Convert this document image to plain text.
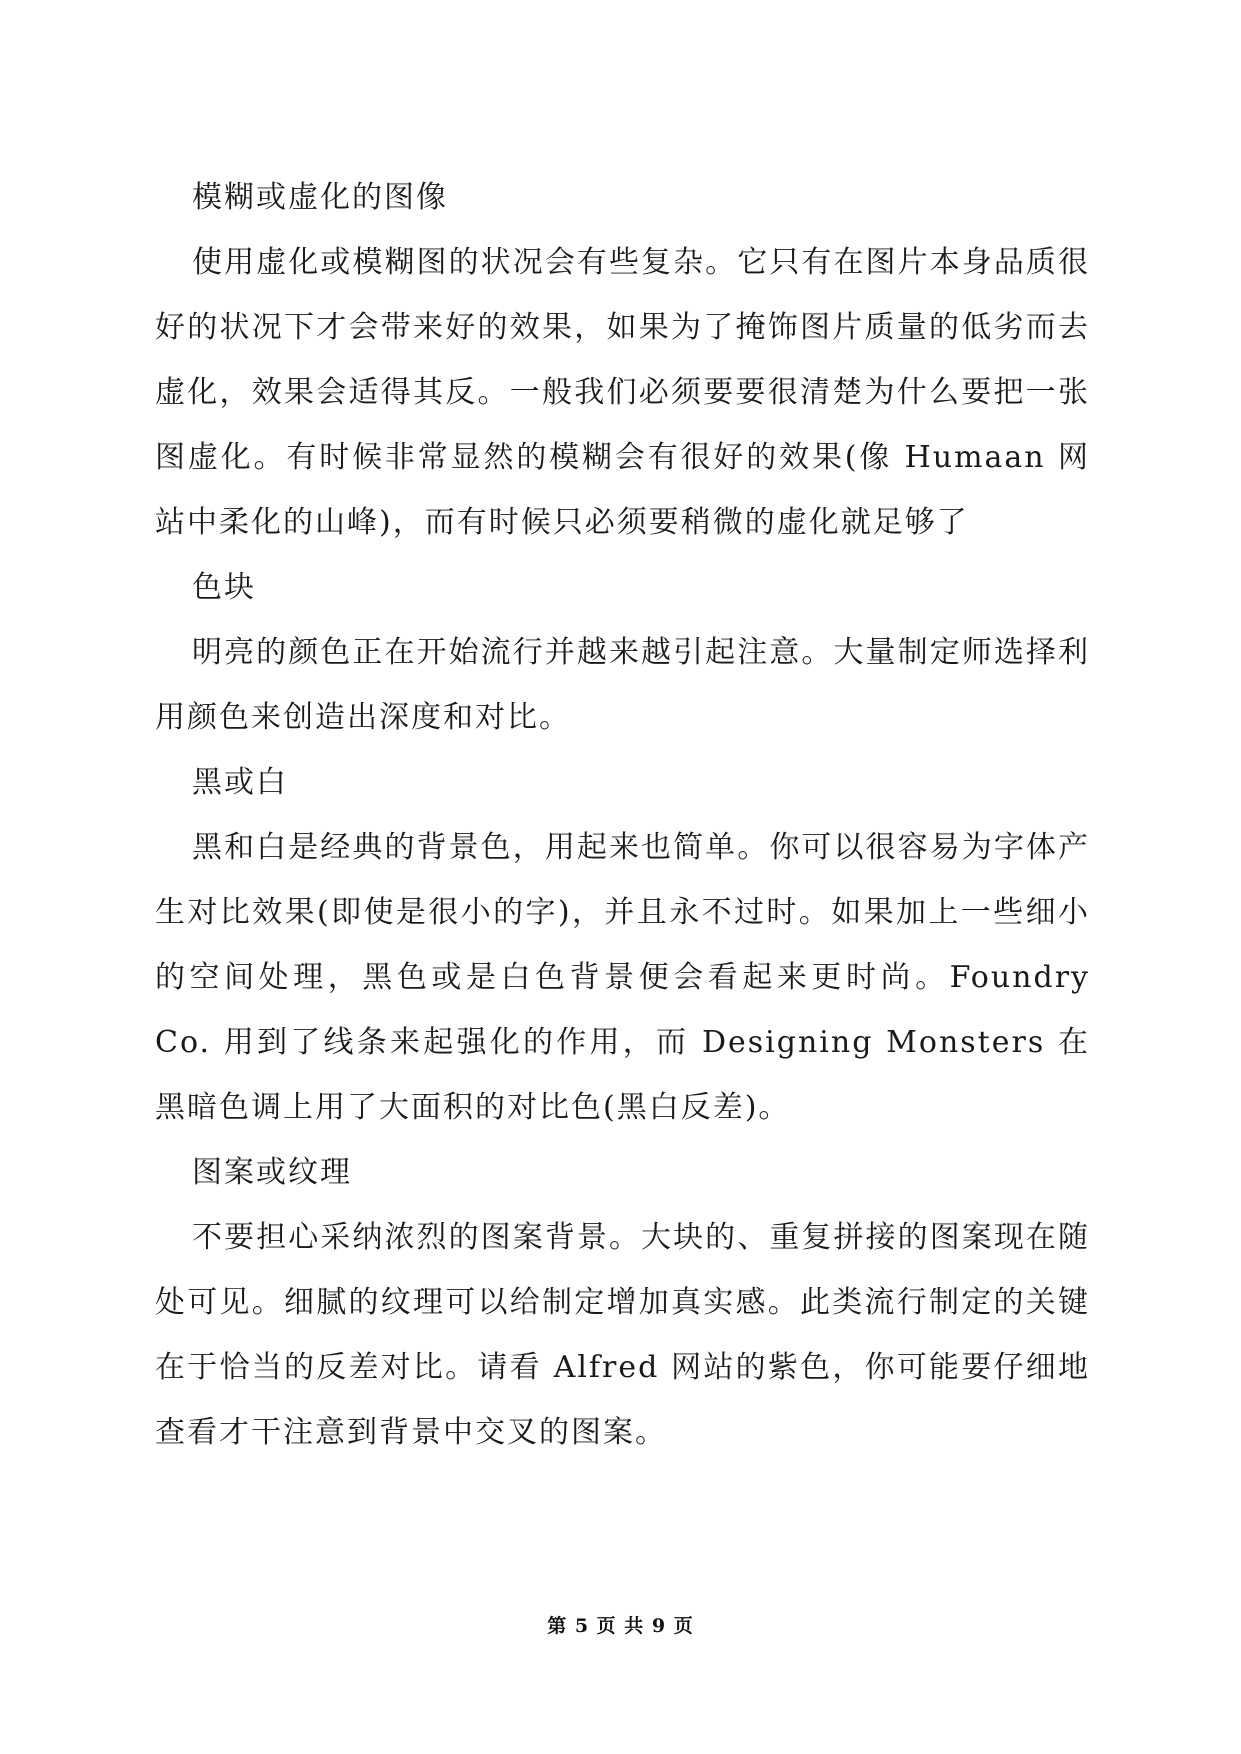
模糊或虚化的图像

使用虚化或模糊图的状况会有些复杂。它只有在图片本身品质很好的状况下才会带来好的效果，如果为了掩饰图片质量的低劣而去虚化，效果会适得其反。一般我们必须要要很清楚为什么要把一张图虚化。有时候非常显然的模糊会有很好的效果(像 Humaan 网站中柔化的山峰)，而有时候只必须要稍微的虚化就足够了

色块

明亮的颜色正在开始流行并越来越引起注意。大量制定师选择利用颜色来创造出深度和对比。

黑或白

黑和白是经典的背景色，用起来也简单。你可以很容易为字体产生对比效果(即使是很小的字)，并且永不过时。如果加上一些细小的空间处理，黑色或是白色背景便会看起来更时尚。Foundry Co. 用到了线条来起强化的作用，而 Designing Monsters 在黑暗色调上用了大面积的对比色(黑白反差)。

图案或纹理

不要担心采纳浓烈的图案背景。大块的、重复拼接的图案现在随处可见。细腻的纹理可以给制定增加真实感。此类流行制定的关键在于恰当的反差对比。请看 Alfred 网站的紫色，你可能要仔细地查看才干注意到背景中交叉的图案。

第 5 页 共 9 页
